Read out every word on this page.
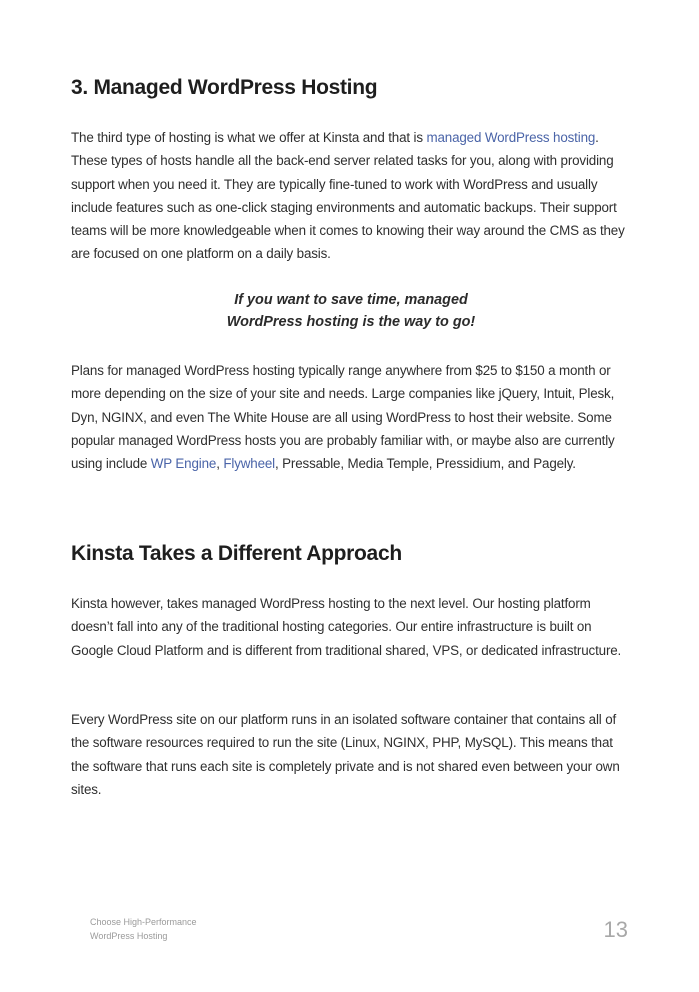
3. Managed WordPress Hosting

The third type of hosting is what we offer at Kinsta and that is managed WordPress hosting. These types of hosts handle all the back-end server related tasks for you, along with providing support when you need it. They are typically fine-tuned to work with WordPress and usually include features such as one-click staging environments and automatic backups. Their support teams will be more knowledgeable when it comes to knowing their way around the CMS as they are focused on one platform on a daily basis.

If you want to save time, managed
WordPress hosting is the way to go!

Plans for managed WordPress hosting typically range anywhere from $25 to $150 a month or more depending on the size of your site and needs. Large companies like jQuery, Intuit, Plesk, Dyn, NGINX, and even The White House are all using WordPress to host their website. Some popular managed WordPress hosts you are probably familiar with, or maybe also are currently using include WP Engine, Flywheel, Pressable, Media Temple, Pressidium, and Pagely.

Kinsta Takes a Different Approach

Kinsta however, takes managed WordPress hosting to the next level. Our hosting platform doesn’t fall into any of the traditional hosting categories. Our entire infrastructure is built on Google Cloud Platform and is different from traditional shared, VPS, or dedicated infrastructure.

Every WordPress site on our platform runs in an isolated software container that contains all of the software resources required to run the site (Linux, NGINX, PHP, MySQL). This means that the software that runs each site is completely private and is not shared even between your own sites.

Choose High-Performance
WordPress Hosting	13
